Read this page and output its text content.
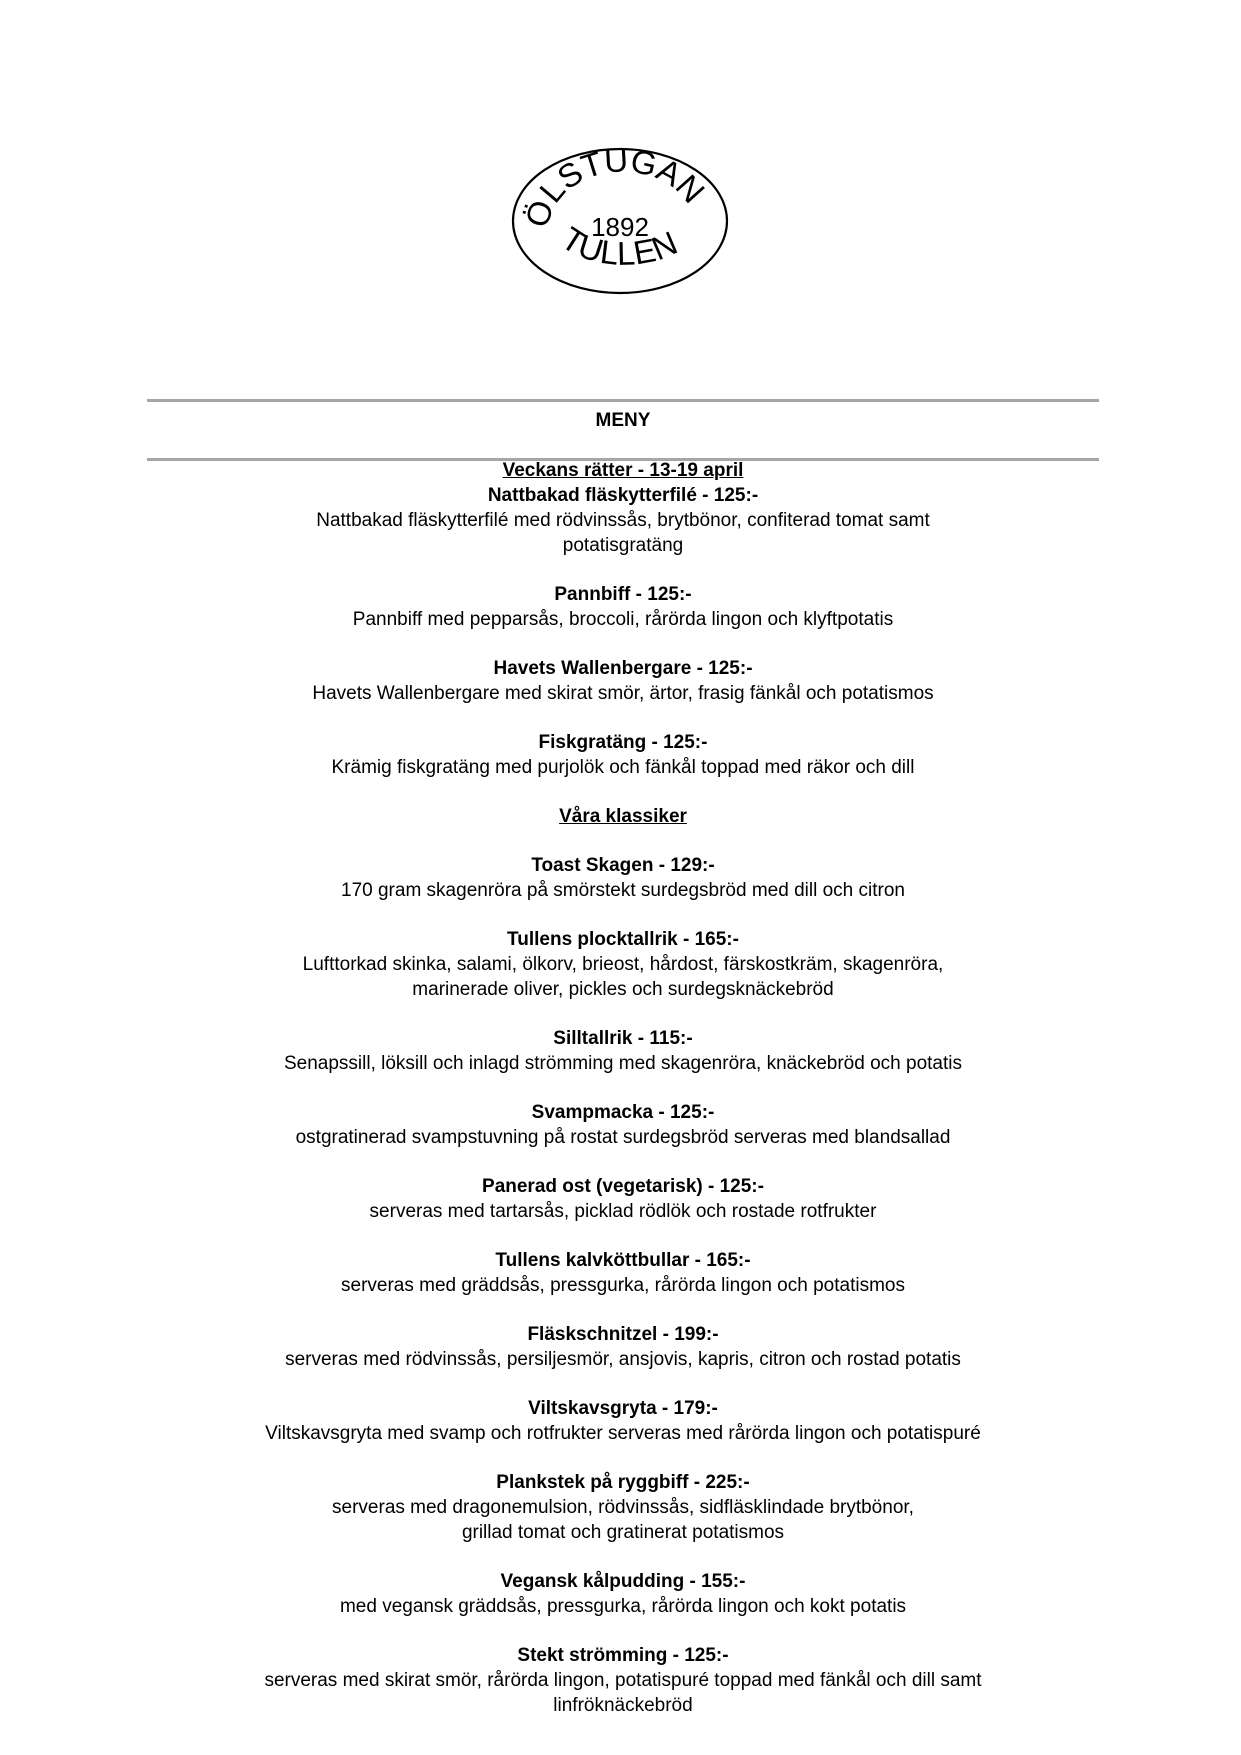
ÖLSTUGAN
1892
TULLEN
MENY
Veckans rätter - 13-19 april
Nattbakad fläskytterfilé - 125:-
Nattbakad fläskytterfilé med rödvinssås, brytbönor, confiterad tomat samt
potatisgratäng
Pannbiff - 125:-
Pannbiff med pepparsås, broccoli, rårörda lingon och klyftpotatis
Havets Wallenbergare - 125:-
Havets Wallenbergare med skirat smör, ärtor, frasig fänkål och potatismos
Fiskgratäng - 125:-
Krämig fiskgratäng med purjolök och fänkål toppad med räkor och dill
Våra klassiker
Toast Skagen - 129:-
170 gram skagenröra på smörstekt surdegsbröd med dill och citron
Tullens plocktallrik - 165:-
Lufttorkad skinka, salami, ölkorv, brieost, hårdost, färskostkräm, skagenröra,
marinerade oliver, pickles och surdegsknäckebröd
Silltallrik - 115:-
Senapssill, löksill och inlagd strömming med skagenröra, knäckebröd och potatis
Svampmacka - 125:-
ostgratinerad svampstuvning på rostat surdegsbröd serveras med blandsallad
Panerad ost (vegetarisk) - 125:-
serveras med tartarsås, picklad rödlök och rostade rotfrukter
Tullens kalvköttbullar - 165:-
serveras med gräddsås, pressgurka, rårörda lingon och potatismos
Fläskschnitzel - 199:-
serveras med rödvinssås, persiljesmör, ansjovis, kapris, citron och rostad potatis
Viltskavsgryta - 179:-
Viltskavsgryta med svamp och rotfrukter serveras med rårörda lingon och potatispuré
Plankstek på ryggbiff - 225:-
serveras med dragonemulsion, rödvinssås, sidfläsklindade brytbönor,
grillad tomat och gratinerat potatismos
Vegansk kålpudding - 155:-
med vegansk gräddsås, pressgurka, rårörda lingon och kokt potatis
Stekt strömming - 125:-
serveras med skirat smör, rårörda lingon, potatispuré toppad med fänkål och dill samt
linfröknäckebröd
